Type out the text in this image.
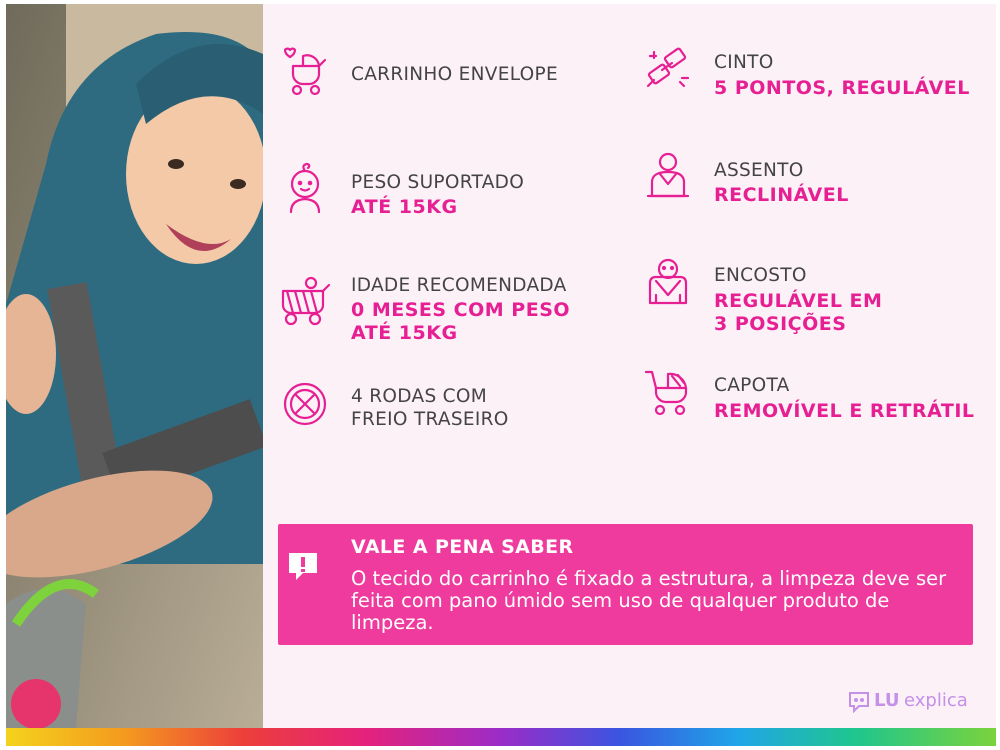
CARRINHO ENVELOPE
CINTO
5 PONTOS, REGULÁVEL
PESO SUPORTADO
ATÉ 15KG
ASSENTO
RECLINÁVEL
IDADE RECOMENDADA
0 MESES COM PESO
ATÉ 15KG
ENCOSTO
REGULÁVEL EM
3 POSIÇÕES
4 RODAS COM
FREIO TRASEIRO
CAPOTA
REMOVÍVEL E RETRÁTIL
VALE A PENA SABER
O tecido do carrinho é fixado a estrutura, a limpeza deve ser feita com pano úmido sem uso de qualquer produto de limpeza.
LU explica
